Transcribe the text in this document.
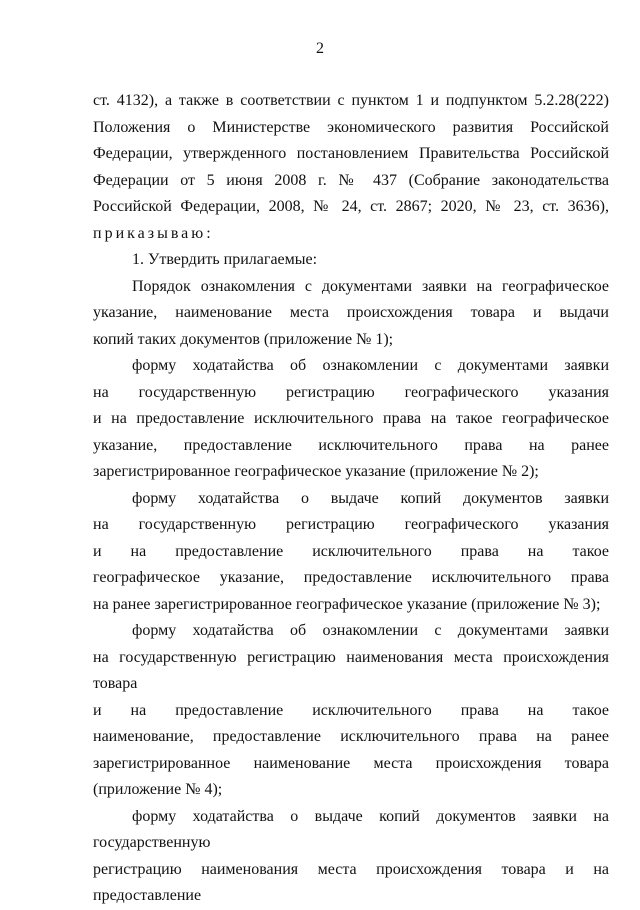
2

ст. 4132), а также в соответствии с пунктом 1 и подпунктом 5.2.28(222)

Положения о Министерстве экономического развития Российской

Федерации, утвержденного постановлением Правительства Российской

Федерации от 5 июня 2008 г. № 437 (Собрание законодательства

Российской Федерации, 2008, № 24, ст. 2867; 2020, № 23, ст. 3636),

приказываю:

1. Утвердить прилагаемые:

Порядок ознакомления с документами заявки на географическое

указание, наименование места происхождения товара и выдачи

копий таких документов (приложение № 1);

форму ходатайства об ознакомлении с документами заявки

на государственную регистрацию географического указания

и на предоставление исключительного права на такое географическое

указание, предоставление исключительного права на ранее

зарегистрированное географическое указание (приложение № 2);

форму ходатайства о выдаче копий документов заявки

на государственную регистрацию географического указания

и на предоставление исключительного права на такое

географическое указание, предоставление исключительного права

на ранее зарегистрированное географическое указание (приложение № 3);

форму ходатайства об ознакомлении с документами заявки

на государственную регистрацию наименования места происхождения товара

и на предоставление исключительного права на такое

наименование, предоставление исключительного права на ранее

зарегистрированное наименование места происхождения товара

(приложение № 4);

форму ходатайства о выдаче копий документов заявки на государственную

регистрацию наименования места происхождения товара и на предоставление
